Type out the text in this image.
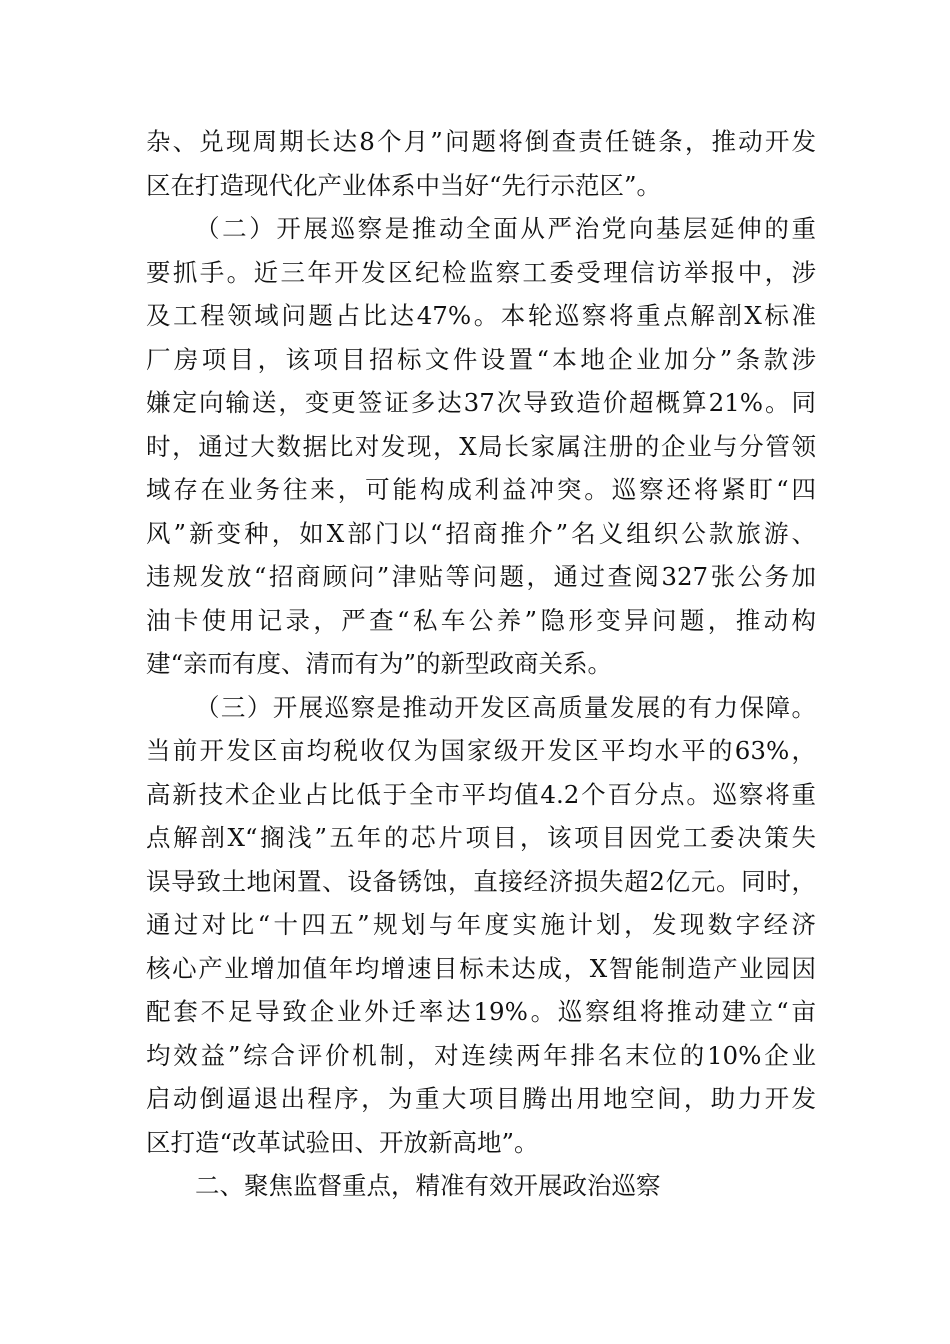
杂、兑现周期长达8个月”问题将倒查责任链条，推动开发
区在打造现代化产业体系中当好“先行示范区”。
（二）开展巡察是推动全面从严治党向基层延伸的重
要抓手。近三年开发区纪检监察工委受理信访举报中，涉
及工程领域问题占比达47%。本轮巡察将重点解剖X标准
厂房项目，该项目招标文件设置“本地企业加分”条款涉
嫌定向输送，变更签证多达37次导致造价超概算21%。同
时，通过大数据比对发现，X局长家属注册的企业与分管领
域存在业务往来，可能构成利益冲突。巡察还将紧盯“四
风”新变种，如X部门以“招商推介”名义组织公款旅游、
违规发放“招商顾问”津贴等问题，通过查阅327张公务加
油卡使用记录，严查“私车公养”隐形变异问题，推动构
建“亲而有度、清而有为”的新型政商关系。
（三）开展巡察是推动开发区高质量发展的有力保障。
当前开发区亩均税收仅为国家级开发区平均水平的63%，
高新技术企业占比低于全市平均值4.2个百分点。巡察将重
点解剖X“搁浅”五年的芯片项目，该项目因党工委决策失
误导致土地闲置、设备锈蚀，直接经济损失超2亿元。同时，
通过对比“十四五”规划与年度实施计划，发现数字经济
核心产业增加值年均增速目标未达成，X智能制造产业园因
配套不足导致企业外迁率达19%。巡察组将推动建立“亩
均效益”综合评价机制，对连续两年排名末位的10%企业
启动倒逼退出程序，为重大项目腾出用地空间，助力开发
区打造“改革试验田、开放新高地”。
二、聚焦监督重点，精准有效开展政治巡察
